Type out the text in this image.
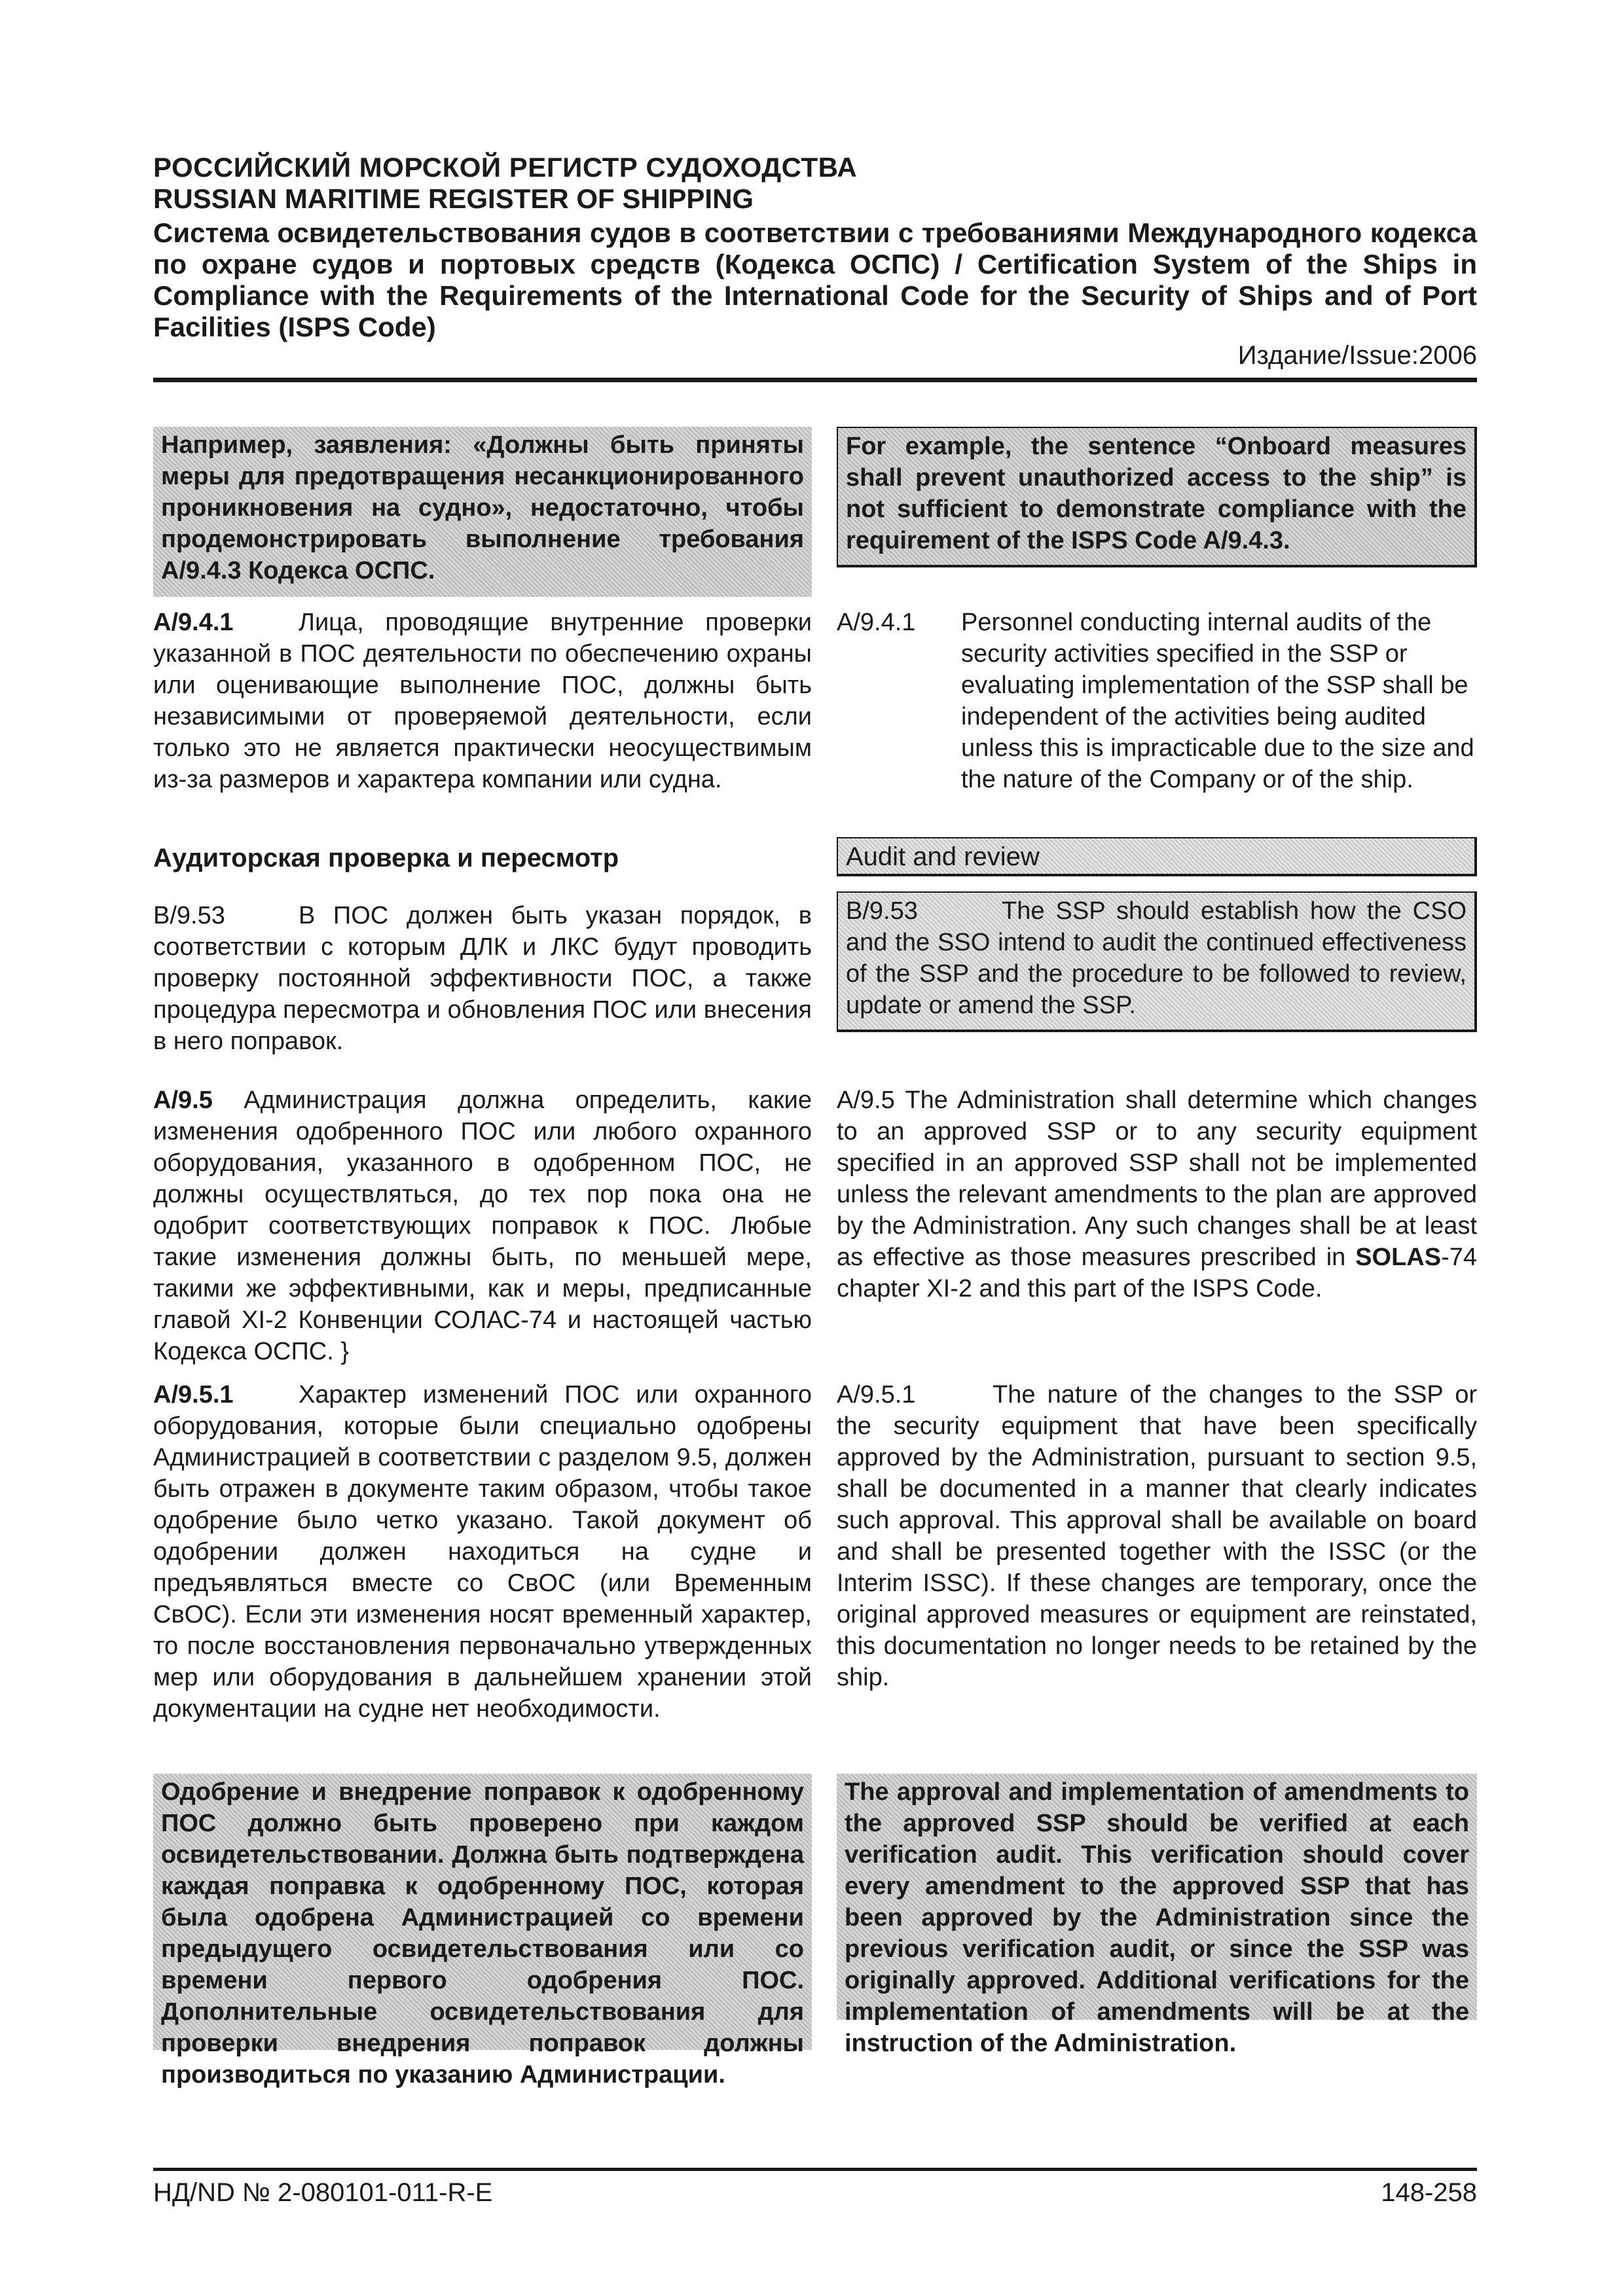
РОССИЙСКИЙ МОРСКОЙ РЕГИСТР СУДОХОДСТВА
RUSSIAN MARITIME REGISTER OF SHIPPING
Система освидетельствования судов в соответствии с требованиями Международного кодекса по охране судов и портовых средств (Кодекса ОСПС) / Certification System of the Ships in Compliance with the Requirements of the International Code for the Security of Ships and of Port Facilities (ISPS Code)
Издание/Issue:2006
Например, заявления: «Должны быть приняты меры для предотвращения несанкционированного проникновения на судно», недостаточно, чтобы продемонстрировать выполнение требования А/9.4.3 Кодекса ОСПС.
A/9.4.1	Лица, проводящие внутренние проверки указанной в ПОС деятельности по обеспечению охраны или оценивающие выполнение ПОС, должны быть независимыми от проверяемой деятельности, если только это не является практически неосуществимым из-за размеров и характера компании или судна.
Аудиторская проверка и пересмотр
B/9.53	В ПОС должен быть указан порядок, в соответствии с которым ДЛК и ЛКС будут проводить проверку постоянной эффективности ПОС, а также процедура пересмотра и обновления ПОС или внесения в него поправок.
A/9.5 Администрация должна определить, какие изменения одобренного ПОС или любого охранного оборудования, указанного в одобренном ПОС, не должны осуществляться, до тех пор пока она не одобрит соответствующих поправок к ПОС. Любые такие изменения должны быть, по меньшей мере, такими же эффективными, как и меры, предписанные главой XI-2 Конвенции СОЛАС-74 и настоящей частью Кодекса ОСПС. }
A/9.5.1	Характер изменений ПОС или охранного оборудования, которые были специально одобрены Администрацией в соответствии с разделом 9.5, должен быть отражен в документе таким образом, чтобы такое одобрение было четко указано. Такой документ об одобрении должен находиться на судне и предъявляться вместе со СвОС (или Временным СвОС). Если эти изменения носят временный характер, то после восстановления первоначально утвержденных мер или оборудования в дальнейшем хранении этой документации на судне нет необходимости.
Одобрение и внедрение поправок к одобренному ПОС должно быть проверено при каждом освидетельствовании. Должна быть подтверждена каждая поправка к одобренному ПОС, которая была одобрена Администрацией со времени предыдущего освидетельствования или со времени первого одобрения ПОС. Дополнительные освидетельствования для проверки внедрения поправок должны производиться по указанию Администрации.
For example, the sentence “Onboard measures shall prevent unauthorized access to the ship” is not sufficient to demonstrate compliance with the requirement of the ISPS Code A/9.4.3.
A/9.4.1 Personnel conducting internal audits of the security activities specified in the SSP or evaluating implementation of the SSP shall be independent of the activities being audited unless this is impracticable due to the size and the nature of the Company or of the ship.
Audit and review
B/9.53	The SSP should establish how the CSO and the SSO intend to audit the continued effectiveness of the SSP and the procedure to be followed to review, update or amend the SSP.
A/9.5 The Administration shall determine which changes to an approved SSP or to any security equipment specified in an approved SSP shall not be implemented unless the relevant amendments to the plan are approved by the Administration. Any such changes shall be at least as effective as those measures prescribed in SOLAS-74 chapter XI-2 and this part of the ISPS Code.
A/9.5.1	The nature of the changes to the SSP or the security equipment that have been specifically approved by the Administration, pursuant to section 9.5, shall be documented in a manner that clearly indicates such approval. This approval shall be available on board and shall be presented together with the ISSC (or the Interim ISSC). If these changes are temporary, once the original approved measures or equipment are reinstated, this documentation no longer needs to be retained by the ship.
The approval and implementation of amendments to the approved SSP should be verified at each verification audit. This verification should cover every amendment to the approved SSP that has been approved by the Administration since the previous verification audit, or since the SSP was originally approved. Additional verifications for the implementation of amendments will be at the instruction of the Administration.
НД/ND № 2-080101-011-R-E	148-258
